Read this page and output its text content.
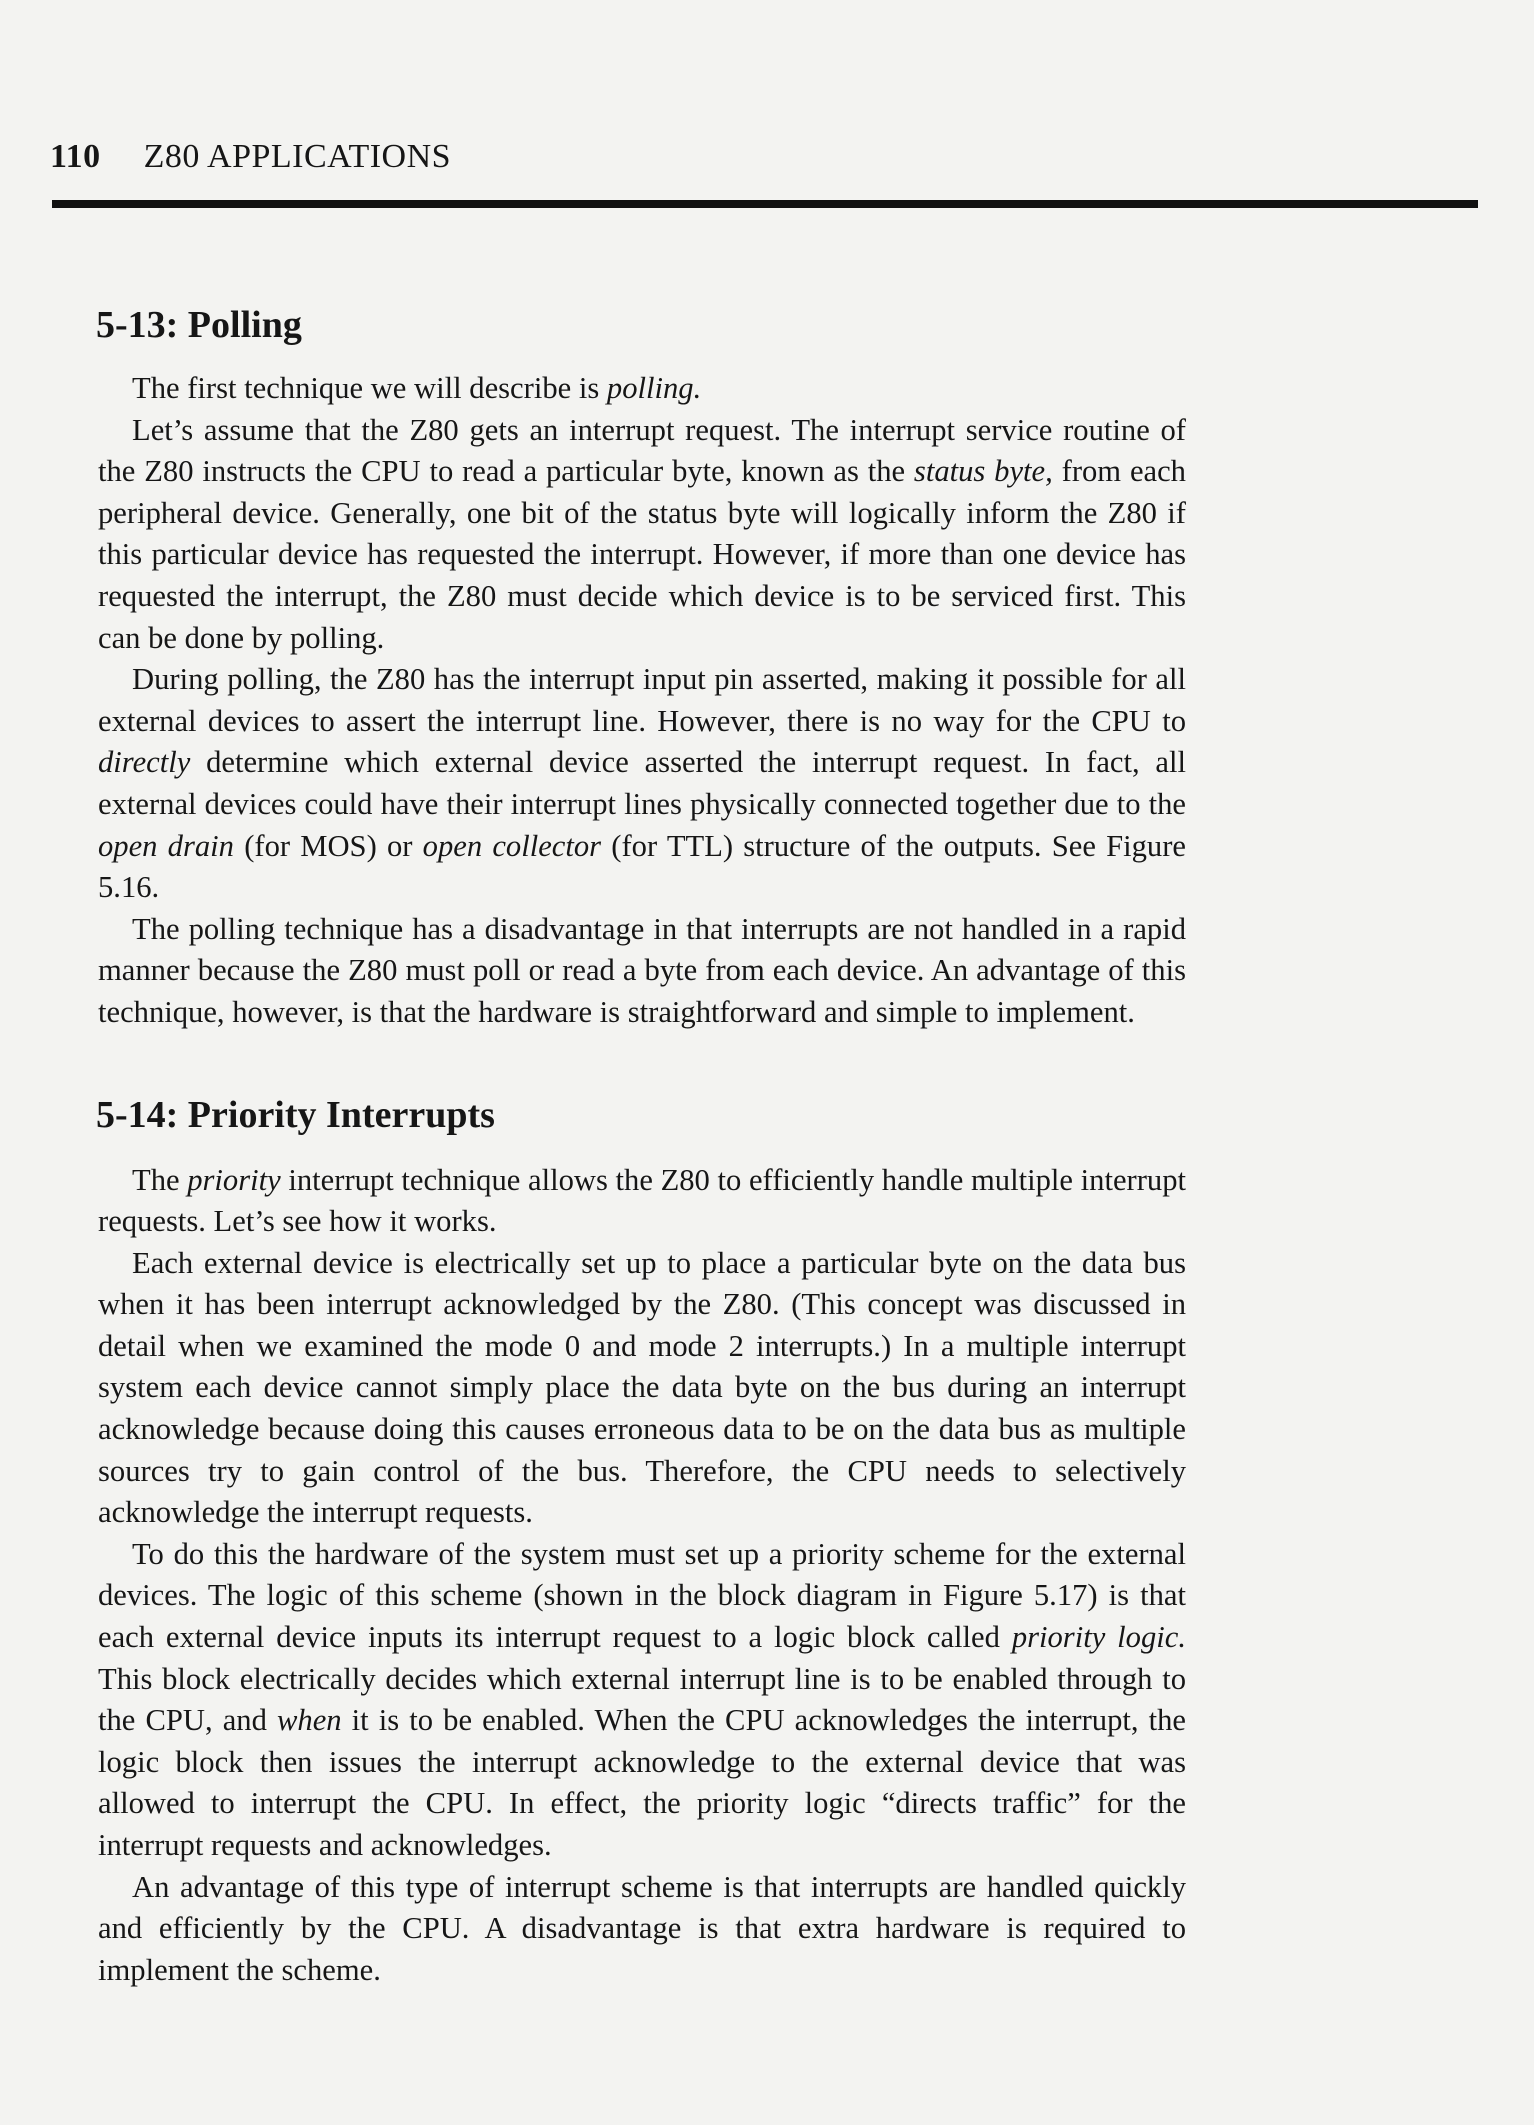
110 Z80 APPLICATIONS
5-13: Polling

The first technique we will describe is polling.

Let’s assume that the Z80 gets an interrupt request. The interrupt service routine of the Z80 instructs the CPU to read a particular byte, known as the status byte, from each peripheral device. Generally, one bit of the status byte will logically inform the Z80 if this particular device has requested the interrupt. However, if more than one device has requested the interrupt, the Z80 must decide which device is to be serviced first. This can be done by polling.

During polling, the Z80 has the interrupt input pin asserted, making it possible for all external devices to assert the interrupt line. However, there is no way for the CPU to directly determine which external device asserted the interrupt request. In fact, all external devices could have their interrupt lines physically connected together due to the open drain (for MOS) or open collector (for TTL) structure of the outputs. See Figure 5.16.

The polling technique has a disadvantage in that interrupts are not handled in a rapid manner because the Z80 must poll or read a byte from each device. An advantage of this technique, however, is that the hardware is straightforward and simple to implement.

5-14: Priority Interrupts

The priority interrupt technique allows the Z80 to efficiently handle multiple interrupt requests. Let’s see how it works.

Each external device is electrically set up to place a particular byte on the data bus when it has been interrupt acknowledged by the Z80. (This concept was discussed in detail when we examined the mode 0 and mode 2 interrupts.) In a multiple interrupt system each device cannot simply place the data byte on the bus during an interrupt acknowledge because doing this causes erroneous data to be on the data bus as multiple sources try to gain control of the bus. Therefore, the CPU needs to selectively acknowledge the interrupt requests.

To do this the hardware of the system must set up a priority scheme for the external devices. The logic of this scheme (shown in the block diagram in Figure 5.17) is that each external device inputs its interrupt request to a logic block called priority logic. This block electrically decides which external interrupt line is to be enabled through to the CPU, and when it is to be enabled. When the CPU acknowledges the interrupt, the logic block then issues the interrupt acknowledge to the external device that was allowed to interrupt the CPU. In effect, the priority logic “directs traffic” for the interrupt requests and acknowledges.

An advantage of this type of interrupt scheme is that interrupts are handled quickly and efficiently by the CPU. A disadvantage is that extra hardware is required to implement the scheme.
